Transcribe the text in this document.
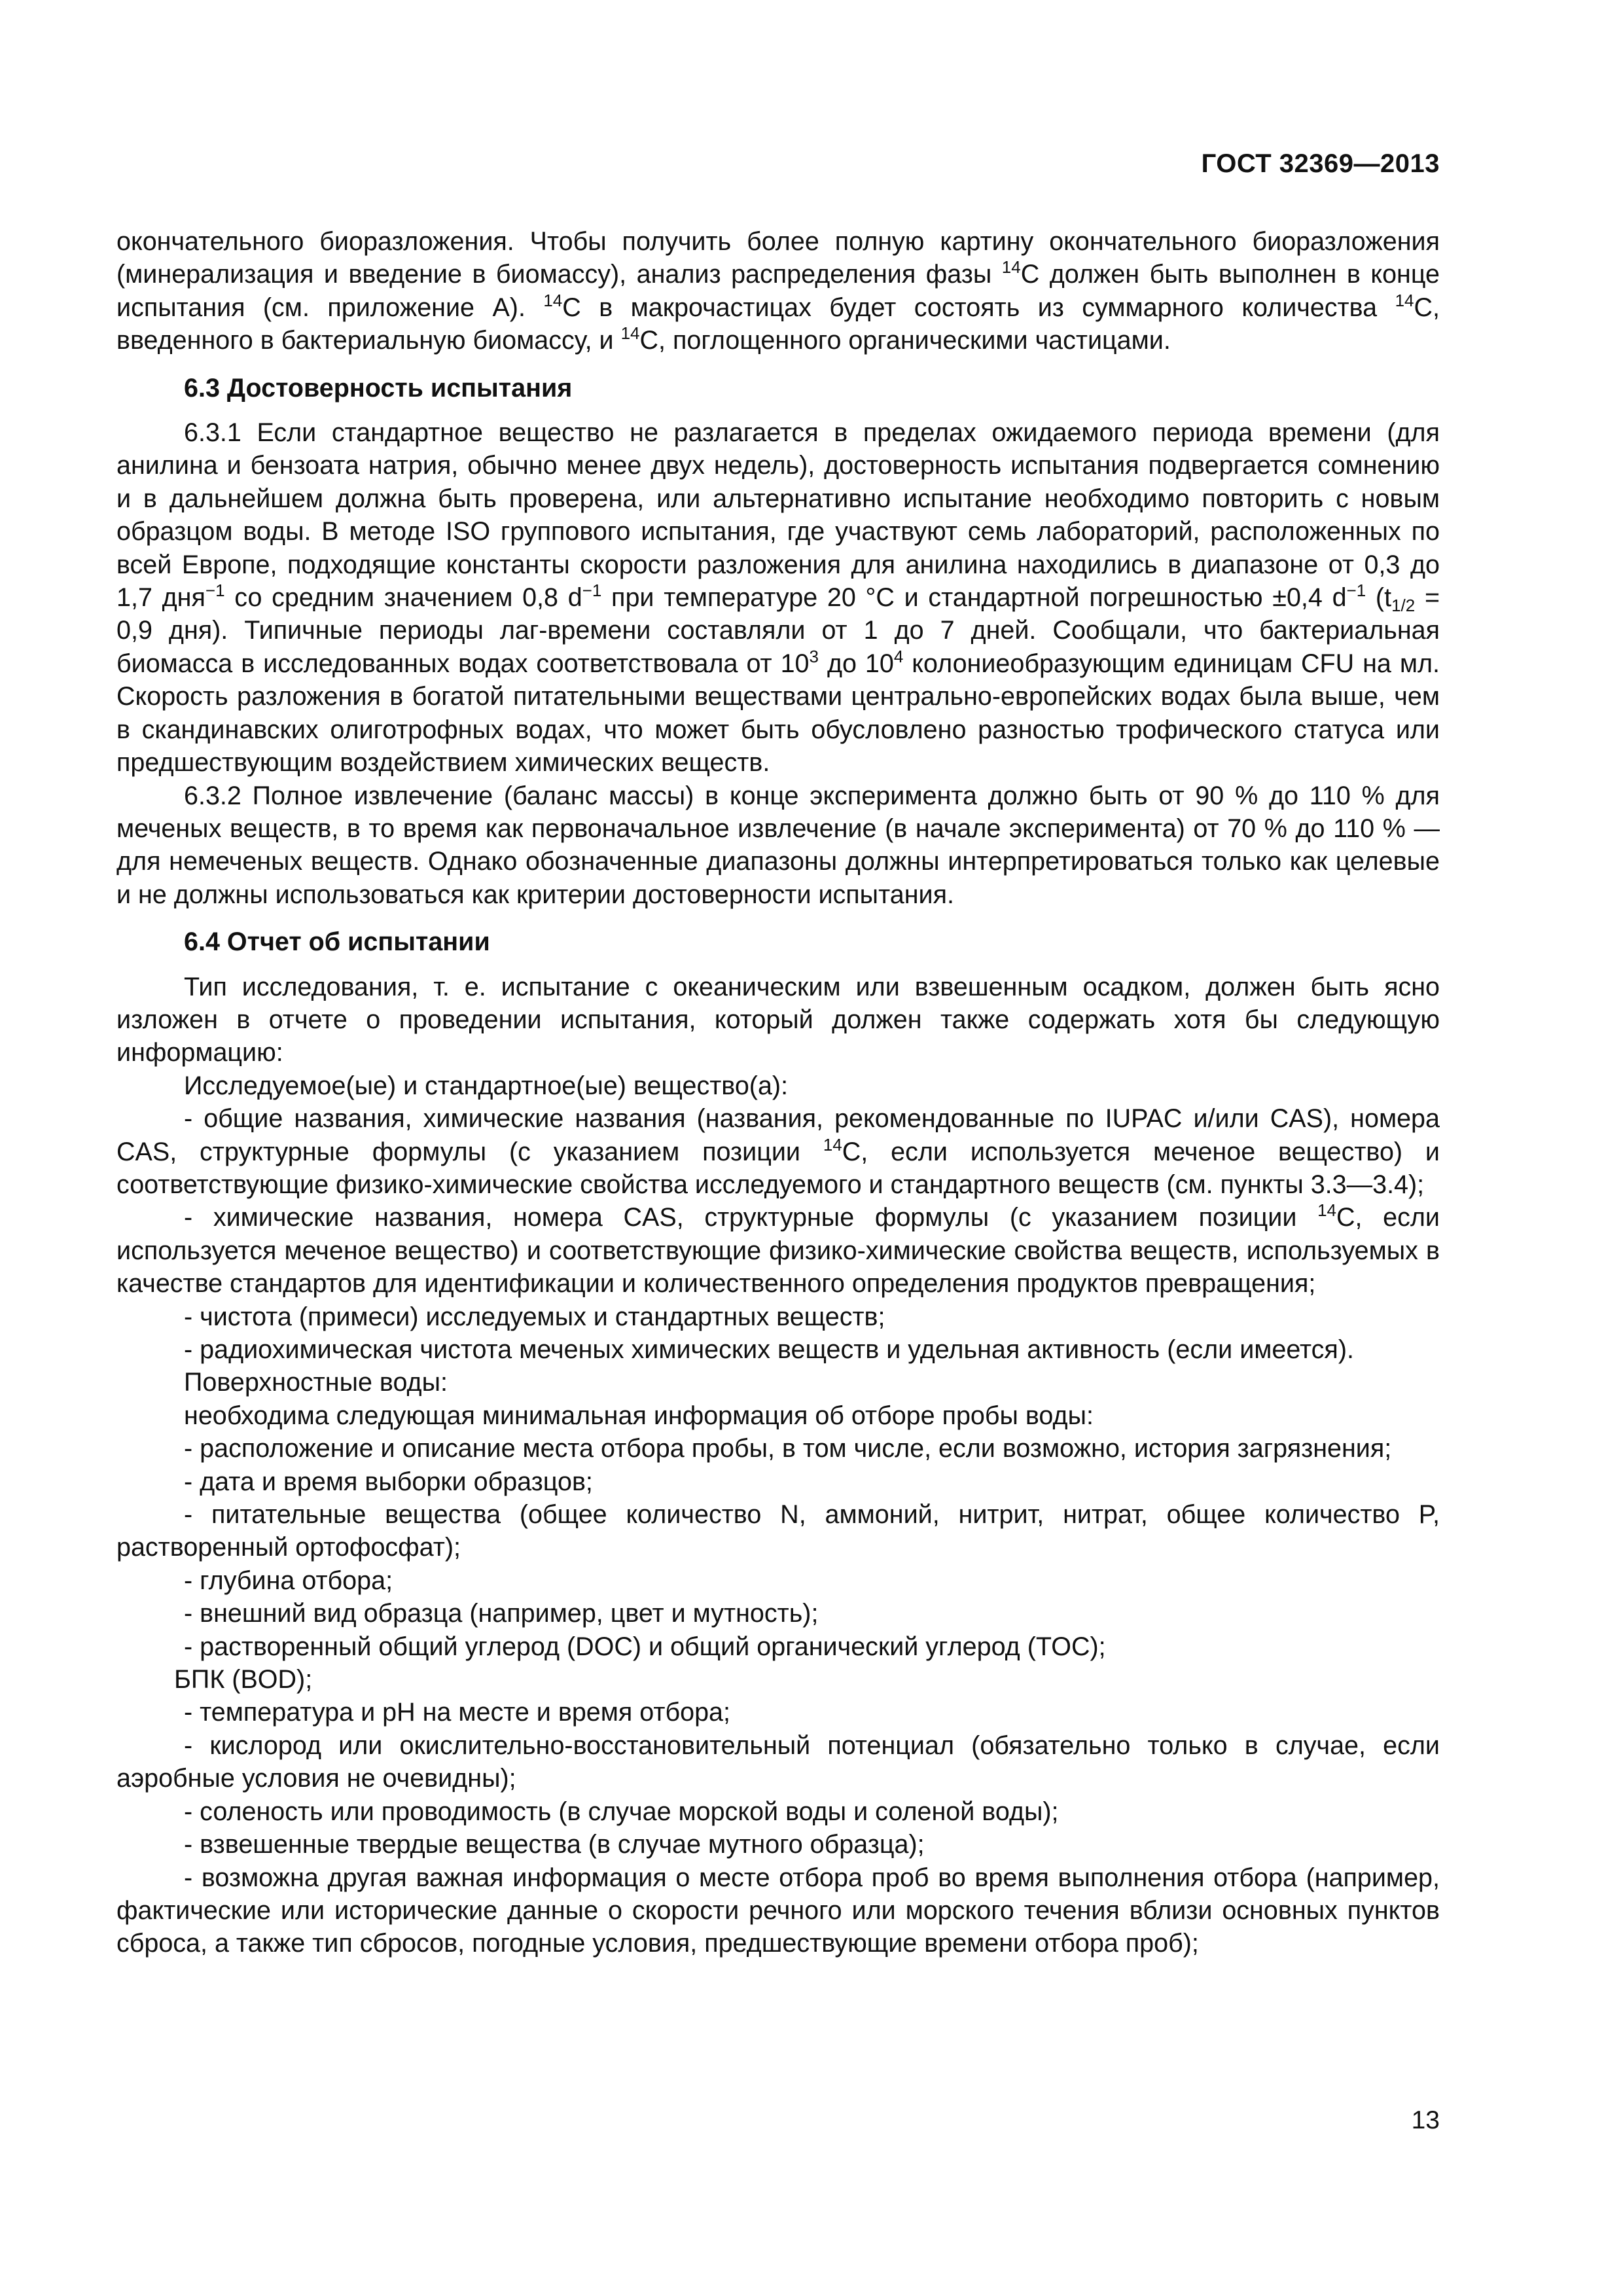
ГОСТ 32369—2013

окончательного биоразложения. Чтобы получить более полную картину окончательного биоразложения (минерализация и введение в биомассу), анализ распределения фазы $^{14}$C должен быть выполнен в конце испытания (см. приложение А). $^{14}$C в макрочастицах будет состоять из суммарного количества $^{14}$C, введенного в бактериальную биомассу, и $^{14}$C, поглощенного органическими частицами.

6.3 Достоверность испытания

6.3.1 Если стандартное вещество не разлагается в пределах ожидаемого периода времени (для анилина и бензоата натрия, обычно менее двух недель), достоверность испытания подвергается сомнению и в дальнейшем должна быть проверена, или альтернативно испытание необходимо повторить с новым образцом воды. В методе ISO группового испытания, где участвуют семь лабораторий, расположенных по всей Европе, подходящие константы скорости разложения для анилина находились в диапазоне от 0,3 до 1,7 дня$^{-1}$ со средним значением 0,8 $d^{-1}$ при температуре 20 °С и стандартной погрешностью ±0,4 $d^{-1}$ ($t_{1/2} = 0,9$ дня). Типичные периоды лаг-времени составляли от 1 до 7 дней. Сообщали, что бактериальная биомасса в исследованных водах соответствовала от $10^3$ до $10^4$ колониеобразующим единицам CFU на мл. Скорость разложения в богатой питательными веществами центрально-европейских водах была выше, чем в скандинавских олиготрофных водах, что может быть обусловлено разностью трофического статуса или предшествующим воздействием химических веществ.

6.3.2 Полное извлечение (баланс массы) в конце эксперимента должно быть от 90 % до 110 % для меченых веществ, в то время как первоначальное извлечение (в начале эксперимента) от 70 % до 110 % — для немеченых веществ. Однако обозначенные диапазоны должны интерпретироваться только как целевые и не должны использоваться как критерии достоверности испытания.

6.4 Отчет об испытании

Тип исследования, т. е. испытание с океаническим или взвешенным осадком, должен быть ясно изложен в отчете о проведении испытания, который должен также содержать хотя бы следующую информацию:

Исследуемое(ые) и стандартное(ые) вещество(а):

- общие названия, химические названия (названия, рекомендованные по IUPAC и/или CAS), номера CAS, структурные формулы (с указанием позиции $^{14}$C, если используется меченое вещество) и соответствующие физико-химические свойства исследуемого и стандартного веществ (см. пункты 3.3—3.4);

- химические названия, номера CAS, структурные формулы (с указанием позиции $^{14}$C, если используется меченое вещество) и соответствующие физико-химические свойства веществ, используемых в качестве стандартов для идентификации и количественного определения продуктов превращения;

- чистота (примеси) исследуемых и стандартных веществ;

- радиохимическая чистота меченых химических веществ и удельная активность (если имеется).

Поверхностные воды:

необходима следующая минимальная информация об отборе пробы воды:

- расположение и описание места отбора пробы, в том числе, если возможно, история загрязнения;

- дата и время выборки образцов;

- питательные вещества (общее количество N, аммоний, нитрит, нитрат, общее количество P, растворенный ортофосфат);

- глубина отбора;

- внешний вид образца (например, цвет и мутность);

- растворенный общий углерод (DOC) и общий органический углерод (TOC);

БПК (BOD);

- температура и pH на месте и время отбора;

- кислород или окислительно-восстановительный потенциал (обязательно только в случае, если аэробные условия не очевидны);

- соленость или проводимость (в случае морской воды и соленой воды);

- взвешенные твердые вещества (в случае мутного образца);

- возможна другая важная информация о месте отбора проб во время выполнения отбора (например, фактические или исторические данные о скорости речного или морского течения вблизи основных пунктов сброса, а также тип сбросов, погодные условия, предшествующие времени отбора проб);

13
